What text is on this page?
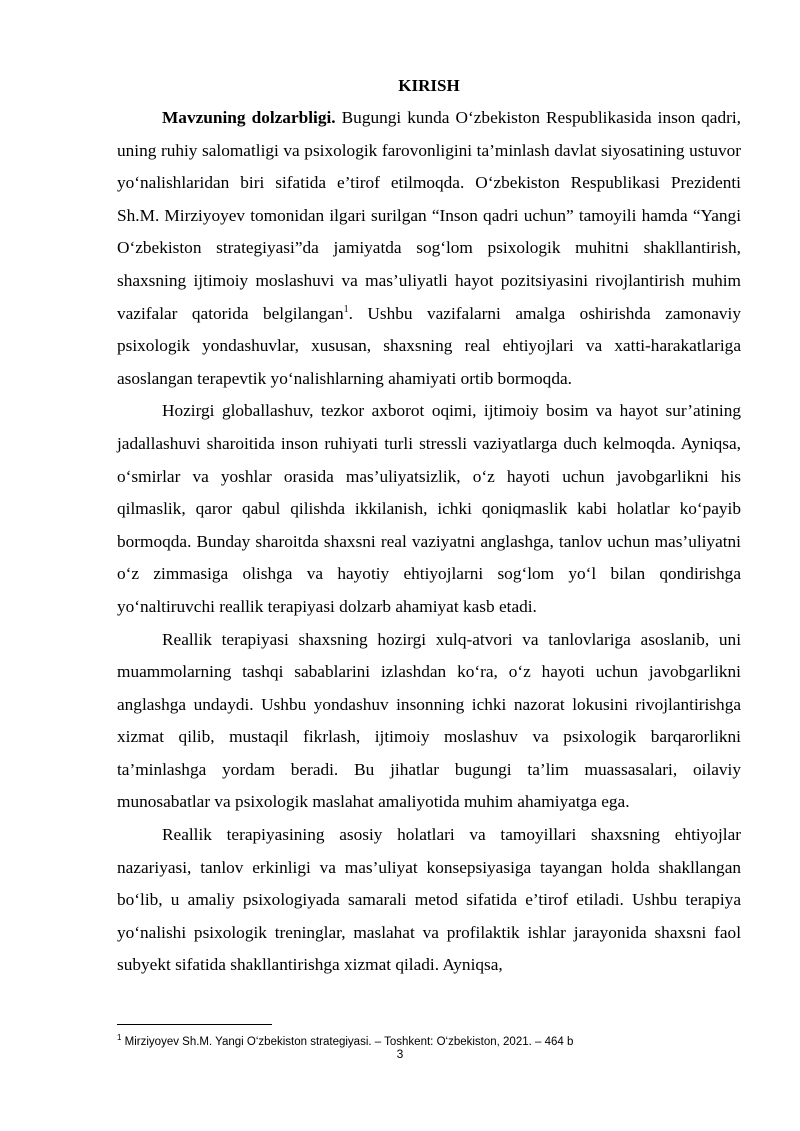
KIRISH

Mavzuning dolzarbligi. Bugungi kunda O‘zbekiston Respublikasida inson qadri, uning ruhiy salomatligi va psixologik farovonligini ta’minlash davlat siyosatining ustuvor yo‘nalishlaridan biri sifatida e’tirof etilmoqda. O‘zbekiston Respublikasi Prezidenti Sh.M. Mirziyoyev tomonidan ilgari surilgan “Inson qadri uchun” tamoyili hamda “Yangi O‘zbekiston strategiyasi”da jamiyatda sog‘lom psixologik muhitni shakllantirish, shaxsning ijtimoiy moslashuvi va mas’uliyatli hayot pozitsiyasini rivojlantirish muhim vazifalar qatorida belgilangan$^1$. Ushbu vazifalarni amalga oshirishda zamonaviy psixologik yondashuvlar, xususan, shaxsning real ehtiyojlari va xatti-harakatlariga asoslangan terapevtik yo‘nalishlarning ahamiyati ortib bormoqda.

Hozirgi globallashuv, tezkor axborot oqimi, ijtimoiy bosim va hayot sur’atining jadallashuvi sharoitida inson ruhiyati turli stressli vaziyatlarga duch kelmoqda. Ayniqsa, o‘smirlar va yoshlar orasida mas’uliyatsizlik, o‘z hayoti uchun javobgarlikni his qilmaslik, qaror qabul qilishda ikkilanish, ichki qoniqmaslik kabi holatlar ko‘payib bormoqda. Bunday sharoitda shaxsni real vaziyatni anglashga, tanlov uchun mas’uliyatni o‘z zimmasiga olishga va hayotiy ehtiyojlarni sog‘lom yo‘l bilan qondirishga yo‘naltiruvchi reallik terapiyasi dolzarb ahamiyat kasb etadi.

Reallik terapiyasi shaxsning hozirgi xulq-atvori va tanlovlariga asoslanib, uni muammolarning tashqi sabablarini izlashdan ko‘ra, o‘z hayoti uchun javobgarlikni anglashga undaydi. Ushbu yondashuv insonning ichki nazorat lokusini rivojlantirishga xizmat qilib, mustaqil fikrlash, ijtimoiy moslashuv va psixologik barqarorlikni ta’minlashga yordam beradi. Bu jihatlar bugungi ta’lim muassasalari, oilaviy munosabatlar va psixologik maslahat amaliyotida muhim ahamiyatga ega.

Reallik terapiyasining asosiy holatlari va tamoyillari shaxsning ehtiyojlar nazariyasi, tanlov erkinligi va mas’uliyat konsepsiyasiga tayangan holda shakllangan bo‘lib, u amaliy psixologiyada samarali metod sifatida e’tirof etiladi. Ushbu terapiya yo‘nalishi psixologik treninglar, maslahat va profilaktik ishlar jarayonida shaxsni faol subyekt sifatida shakllantirishga xizmat qiladi. Ayniqsa,

$^1$ Mirziyoyev Sh.M. Yangi O‘zbekiston strategiyasi. – Toshkent: O‘zbekiston, 2021. – 464 b
3
